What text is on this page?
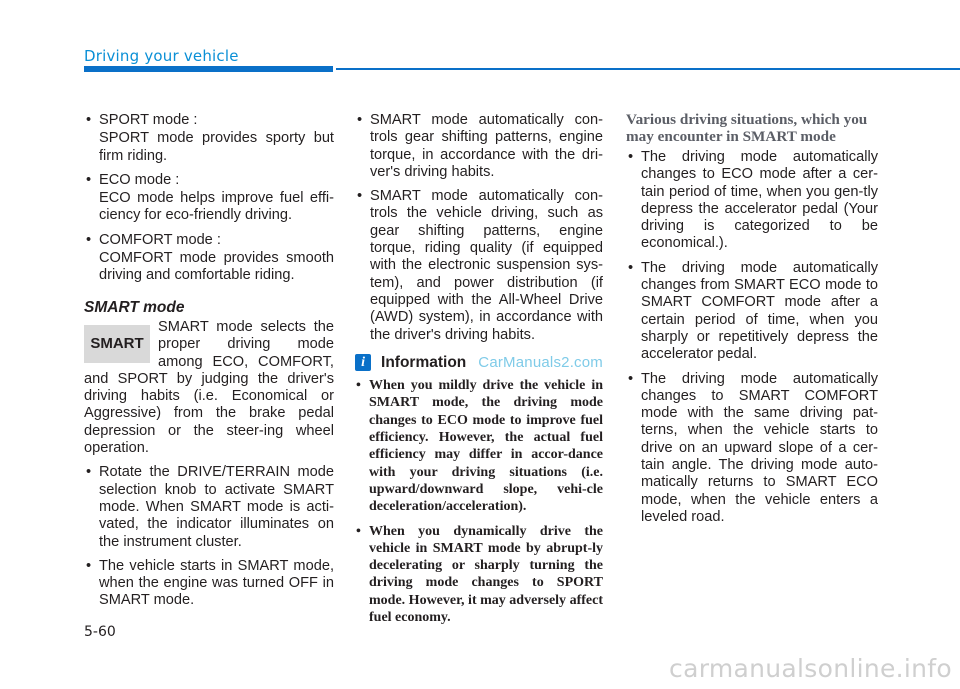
Driving your vehicle

• SPORT mode :

SPORT mode provides sporty but firm riding.

• ECO mode :

ECO mode helps improve fuel effi-ciency for eco-friendly driving.

• COMFORT mode :

COMFORT mode provides smooth driving and comfortable riding.

SMART mode
SMART

SMART mode selects the proper driving mode among ECO, COMFORT, and SPORT by judging the driver's driving habits (i.e. Economical or Aggressive) from the brake pedal depression or the steer-ing wheel operation.

• Rotate the DRIVE/TERRAIN mode selection knob to activate SMART mode. When SMART mode is acti-vated, the indicator illuminates on the instrument cluster.

• The vehicle starts in SMART mode, when the engine was turned OFF in SMART mode.

• SMART mode automatically con-trols gear shifting patterns, engine torque, in accordance with the dri-ver's driving habits.

• SMART mode automatically con-trols the vehicle driving, such as gear shifting patterns, engine torque, riding quality (if equipped with the electronic suspension sys-tem), and power distribution (if equipped with the All-Wheel Drive (AWD) system), in accordance with the driver's driving habits.

i	Information CarManuals2.com

• When you mildly drive the vehicle in SMART mode, the driving mode changes to ECO mode to improve fuel efficiency. However, the actual fuel efficiency may differ in accor-dance with your driving situations (i.e. upward/downward slope, vehi-cle deceleration/acceleration).

• When you dynamically drive the vehicle in SMART mode by abrupt-ly decelerating or sharply turning the driving mode changes to SPORT mode. However, it may adversely affect fuel economy.

Various driving situations, which you may encounter in SMART mode

• The driving mode automatically changes to ECO mode after a cer-tain period of time, when you gen-tly depress the accelerator pedal (Your driving is categorized to be economical.).

• The driving mode automatically changes from SMART ECO mode to SMART COMFORT mode after a certain period of time, when you sharply or repetitively depress the accelerator pedal.

• The driving mode automatically changes to SMART COMFORT mode with the same driving pat-terns, when the vehicle starts to drive on an upward slope of a cer-tain angle. The driving mode auto-matically returns to SMART ECO mode, when the vehicle enters a leveled road.

5-60
carmanualsonline.info
